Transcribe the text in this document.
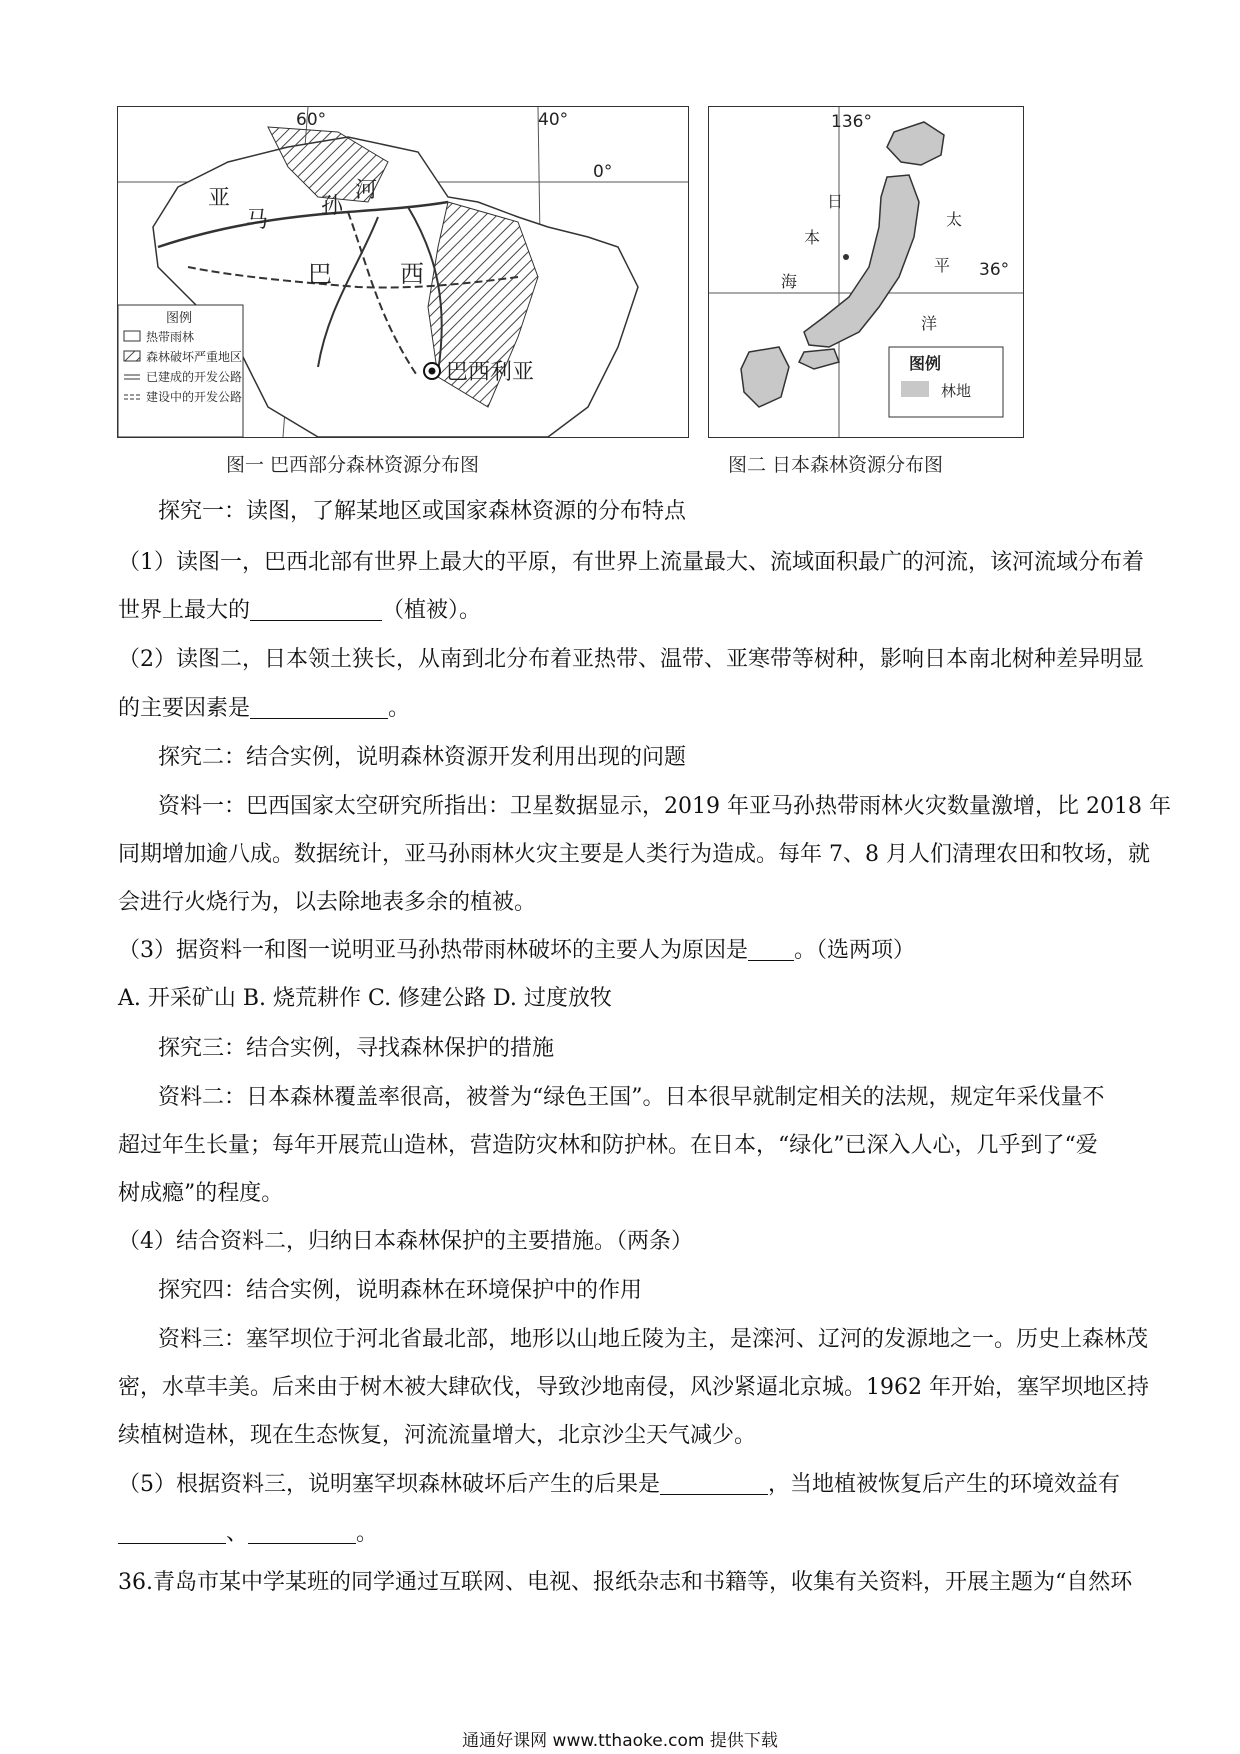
60°	40°
0°
亚
马
孙
河
巴	西
巴西利亚
图例
热带雨林
森林破坏严重地区
已建成的开发公路
建设中的开发公路
图一 巴西部分森林资源分布图
136°
36°
日
本
海
太
平
洋
图例
林地
图二 日本森林资源分布图
探究一：读图，了解某地区或国家森林资源的分布特点
（1）读图一，巴西北部有世界上最大的平原，有世界上流量最大、流域面积最广的河流，该河流域分布着
世界上最大的	（植被）。
（2）读图二，日本领土狭长，从南到北分布着亚热带、温带、亚寒带等树种，影响日本南北树种差异明显
的主要因素是	。
探究二：结合实例，说明森林资源开发利用出现的问题
资料一：巴西国家太空研究所指出：卫星数据显示，2019 年亚马孙热带雨林火灾数量激增，比 2018 年
同期增加逾八成。数据统计，亚马孙雨林火灾主要是人类行为造成。每年 7、8 月人们清理农田和牧场，就
会进行火烧行为，以去除地表多余的植被。
（3）据资料一和图一说明亚马孙热带雨林破坏的主要人为原因是 。（选两项）
A. 开采矿山 B. 烧荒耕作 C. 修建公路 D. 过度放牧
探究三：结合实例，寻找森林保护的措施
资料二：日本森林覆盖率很高，被誉为“绿色王国”。日本很早就制定相关的法规，规定年采伐量不
超过年生长量；每年开展荒山造林，营造防灾林和防护林。在日本，“绿化”已深入人心，几乎到了“爱
树成瘾”的程度。
（4）结合资料二，归纳日本森林保护的主要措施。（两条）
探究四：结合实例，说明森林在环境保护中的作用
资料三：塞罕坝位于河北省最北部，地形以山地丘陵为主，是滦河、辽河的发源地之一。历史上森林茂
密，水草丰美。后来由于树木被大肆砍伐，导致沙地南侵，风沙紧逼北京城。1962 年开始，塞罕坝地区持
续植树造林，现在生态恢复，河流流量增大，北京沙尘天气减少。
（5）根据资料三，说明塞罕坝森林破坏后产生的后果是	，当地植被恢复后产生的环境效益有
、	。
36.青岛市某中学某班的同学通过互联网、电视、报纸杂志和书籍等，收集有关资料，开展主题为“自然环
通通好课网 www.tthaoke.com 提供下载
